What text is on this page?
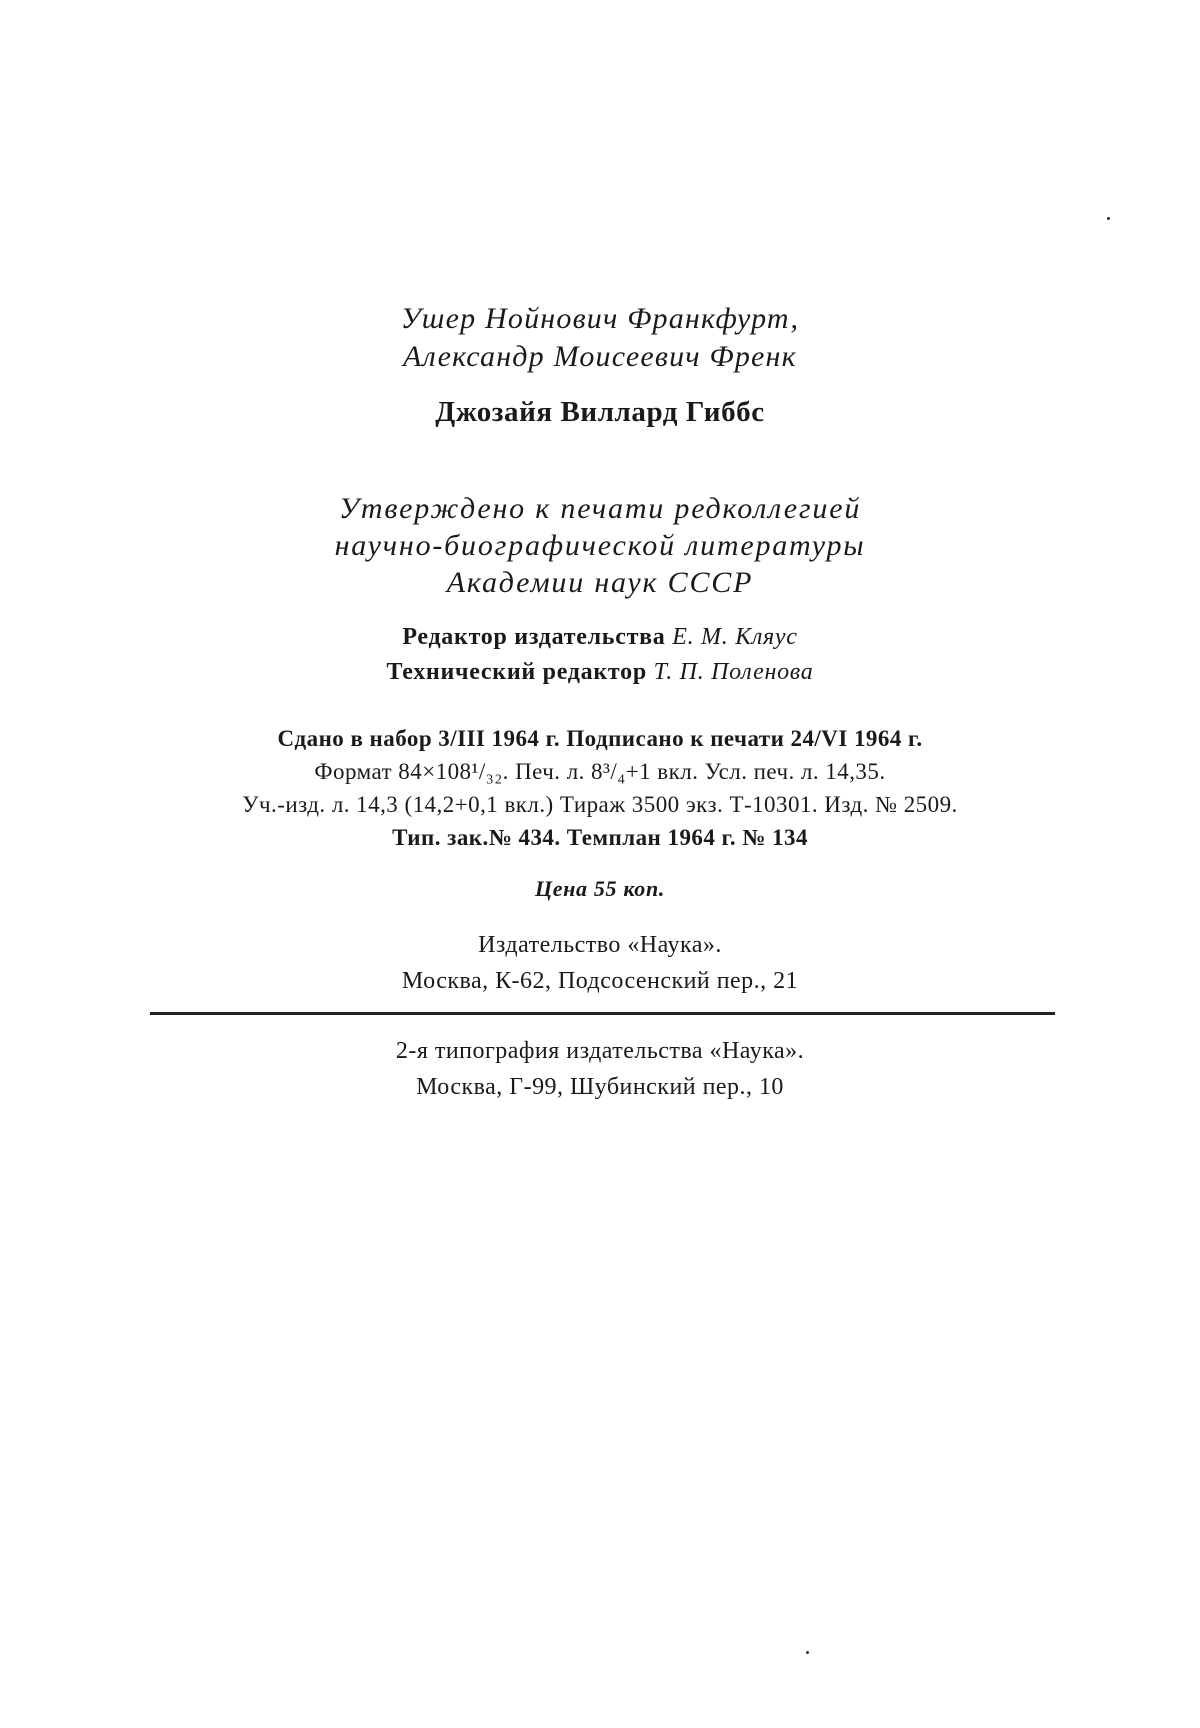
Ушер Нойнович Франкфурт,
Александр Моисеевич Френк
Джозайя Виллард Гиббс
Утверждено к печати редколлегией
научно-биографической литературы
Академии наук СССР
Редактор издательства Е. М. Кляус
Технический редактор Т. П. Поленова
Сдано в набор 3/III 1964 г. Подписано к печати 24/VI 1964 г.
Формат 84×108¹/₃₂. Печ. л. 8³/₄+1 вкл. Усл. печ. л. 14,35.
Уч.-изд. л. 14,3 (14,2+0,1 вкл.) Тираж 3500 экз. Т-10301. Изд. № 2509.
Тип. зак.№ 434. Темплан 1964 г. № 134
Цена 55 коп.
Издательство «Наука».
Москва, К-62, Подсосенский пер., 21
2-я типография издательства «Наука».
Москва, Г-99, Шубинский пер., 10
